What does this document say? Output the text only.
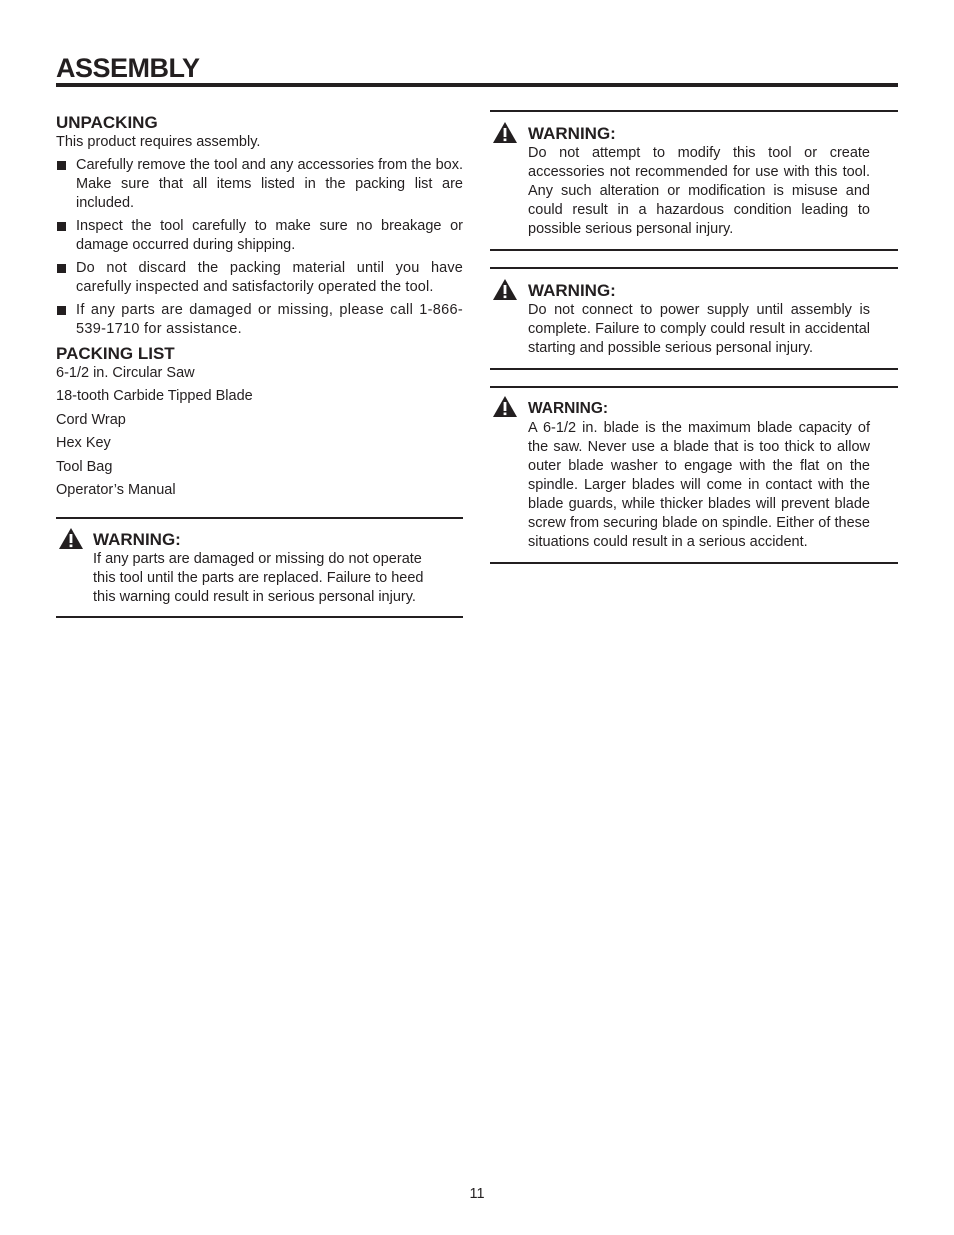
ASSEMBLY
UNPACKING

This product requires assembly.

Carefully remove the tool and any accessories from the box. Make sure that all items listed in the packing list are included.
Inspect the tool carefully to make sure no breakage or damage occurred during shipping.
Do not discard the packing material until you have carefully inspected and satisfactorily operated the tool.
If any parts are damaged or missing, please call 1-866-539-1710 for assistance.
PACKING LIST
6-1/2 in. Circular Saw
18-tooth Carbide Tipped Blade
Cord Wrap
Hex Key
Tool Bag
Operator’s Manual
WARNING:

If any parts are damaged or missing do not operate this tool until the parts are replaced. Failure to heed this warning could result in serious personal injury.

WARNING:

Do not attempt to modify this tool or create accessories not recommended for use with this tool. Any such alteration or modification is misuse and could result in a hazardous condition leading to possible serious personal injury.

WARNING:

Do not connect to power supply until assembly is complete. Failure to comply could result in accidental starting and possible serious personal injury.

WARNING:

A 6-1/2 in. blade is the maximum blade capacity of the saw. Never use a blade that is too thick to allow outer blade washer to engage with the flat on the spindle. Larger blades will come in contact with the blade guards, while thicker blades will prevent blade screw from securing blade on spindle. Either of these situations could result in a serious accident.

11
